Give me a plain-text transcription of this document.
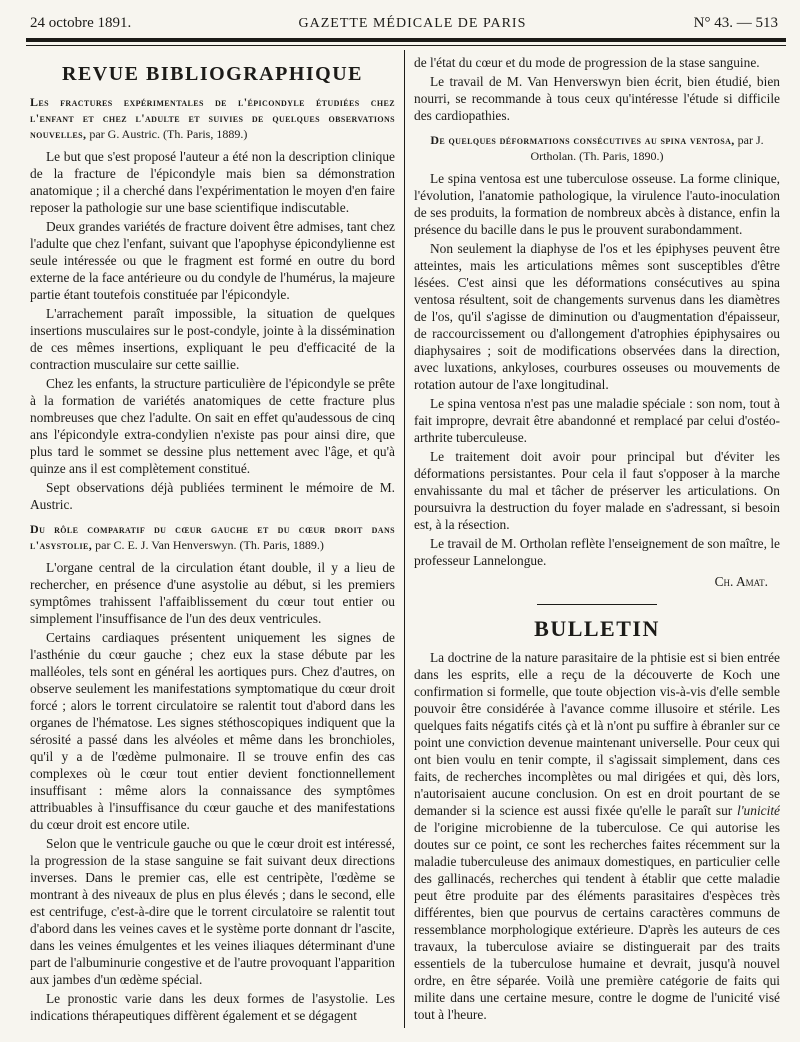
24 octobre 1891.	GAZETTE MÉDICALE DE PARIS	N° 43. — 513
REVUE BIBLIOGRAPHIQUE
Les fractures expérimentales de l'épicondyle étudiées chez l'enfant et chez l'adulte et suivies de quelques observations nouvelles, par G. Austric. (Th. Paris, 1889.)

Le but que s'est proposé l'auteur a été non la description clinique de la fracture de l'épicondyle mais bien sa démonstration anatomique ; il a cherché dans l'expérimentation le moyen d'en faire reposer la pathologie sur une base scientifique indiscutable.

Deux grandes variétés de fracture doivent être admises, tant chez l'adulte que chez l'enfant, suivant que l'apophyse épicondylienne est seule intéressée ou que le fragment est formé en outre du bord externe de la face antérieure ou du condyle de l'humérus, la majeure partie étant toutefois constituée par l'épicondyle.

L'arrachement paraît impossible, la situation de quelques insertions musculaires sur le post-condyle, jointe à la dissémination de ces mêmes insertions, expliquant le peu d'efficacité de la contraction musculaire sur cette saillie.

Chez les enfants, la structure particulière de l'épicondyle se prête à la formation de variétés anatomiques de cette fracture plus nombreuses que chez l'adulte. On sait en effet qu'audessous de cinq ans l'épicondyle extra-condylien n'existe pas pour ainsi dire, que plus tard le sommet se dessine plus nettement avec l'âge, et qu'à quinze ans il est complètement constitué.

Sept observations déjà publiées terminent le mémoire de M. Austric.

Du rôle comparatif du cœur gauche et du cœur droit dans l'asystolie, par C. E. J. Van Henverswyn. (Th. Paris, 1889.)

L'organe central de la circulation étant double, il y a lieu de rechercher, en présence d'une asystolie au début, si les premiers symptômes trahissent l'affaiblissement du cœur tout entier ou simplement l'insuffisance de l'un des deux ventricules.

Certains cardiaques présentent uniquement les signes de l'asthénie du cœur gauche ; chez eux la stase débute par les malléoles, tels sont en général les aortiques purs. Chez d'autres, on observe seulement les manifestations symptomatique du cœur droit forcé ; alors le torrent circulatoire se ralentit tout d'abord dans les organes de l'hématose. Les signes stéthoscopiques indiquent que la sérosité a passé dans les alvéoles et même dans les bronchioles, qu'il y a de l'œdème pulmonaire. Il se trouve enfin des cas complexes où le cœur tout entier devient fonctionnellement insuffisant : même alors la connaissance des symptômes attribuables à l'insuffisance du cœur gauche et des manifestations du cœur droit est encore utile.

Selon que le ventricule gauche ou que le cœur droit est intéressé, la progression de la stase sanguine se fait suivant deux directions inverses. Dans le premier cas, elle est centripète, l'œdème se montrant à des niveaux de plus en plus élevés ; dans le second, elle est centrifuge, c'est-à-dire que le torrent circulatoire se ralentit tout d'abord dans les veines caves et le système porte donnant dr l'ascite, dans les veines émulgentes et les veines iliaques déterminant d'une part de l'albuminurie congestive et de l'autre provoquant l'apparition aux jambes d'un œdème spécial.

Le pronostic varie dans les deux formes de l'asystolie. Les indications thérapeutiques diffèrent également et se dégagent

de l'état du cœur et du mode de progression de la stase sanguine.

Le travail de M. Van Henverswyn bien écrit, bien étudié, bien nourri, se recommande à tous ceux qu'intéresse l'étude si difficile des cardiopathies.

De quelques déformations consécutives au spina ventosa, par J. Ortholan. (Th. Paris, 1890.)

Le spina ventosa est une tuberculose osseuse. La forme clinique, l'évolution, l'anatomie pathologique, la virulence l'auto-inoculation de ses produits, la formation de nombreux abcès à distance, enfin la présence du bacille dans le pus le prouvent surabondamment.

Non seulement la diaphyse de l'os et les épiphyses peuvent être atteintes, mais les articulations mêmes sont susceptibles d'être lésées. C'est ainsi que les déformations consécutives au spina ventosa résultent, soit de changements survenus dans les diamètres de l'os, qu'il s'agisse de diminution ou d'augmentation d'épaisseur, de raccourcissement ou d'allongement d'atrophies épiphysaires ou diaphysaires ; soit de modifications observées dans la direction, avec luxations, ankyloses, courbures osseuses ou mouvements de rotation autour de l'axe longitudinal.

Le spina ventosa n'est pas une maladie spéciale : son nom, tout à fait impropre, devrait être abandonné et remplacé par celui d'ostéo-arthrite tuberculeuse.

Le traitement doit avoir pour principal but d'éviter les déformations persistantes. Pour cela il faut s'opposer à la marche envahissante du mal et tâcher de préserver les articulations. On poursuivra la destruction du foyer malade en s'adressant, si besoin est, à la résection.

Le travail de M. Ortholan reflète l'enseignement de son maître, le professeur Lannelongue.

Ch. Amat.
BULLETIN

La doctrine de la nature parasitaire de la phtisie est si bien entrée dans les esprits, elle a reçu de la découverte de Koch une confirmation si formelle, que toute objection vis-à-vis d'elle semble pouvoir être considérée à l'avance comme illusoire et stérile. Les quelques faits négatifs cités çà et là n'ont pu suffire à ébranler sur ce point une conviction devenue maintenant universelle. Pour ceux qui ont bien voulu en tenir compte, il s'agissait simplement, dans ces faits, de recherches incomplètes ou mal dirigées et qui, dès lors, n'autorisaient aucune conclusion. On est en droit pourtant de se demander si la science est aussi fixée qu'elle le paraît sur l'unicité de l'origine microbienne de la tuberculose. Ce qui autorise les doutes sur ce point, ce sont les recherches faites récemment sur la maladie tuberculeuse des animaux domestiques, en particulier celle des gallinacés, recherches qui tendent à établir que cette maladie peut être produite par des éléments parasitaires d'espèces très différentes, bien que pourvus de certains caractères communs de ressemblance morphologique extérieure. D'après les auteurs de ces travaux, la tuberculose aviaire se distinguerait par des traits essentiels de la tuberculose humaine et devrait, jusqu'à nouvel ordre, en être séparée. Voilà une première catégorie de faits qui milite dans une certaine mesure, contre le dogme de l'unicité visé tout à l'heure.
